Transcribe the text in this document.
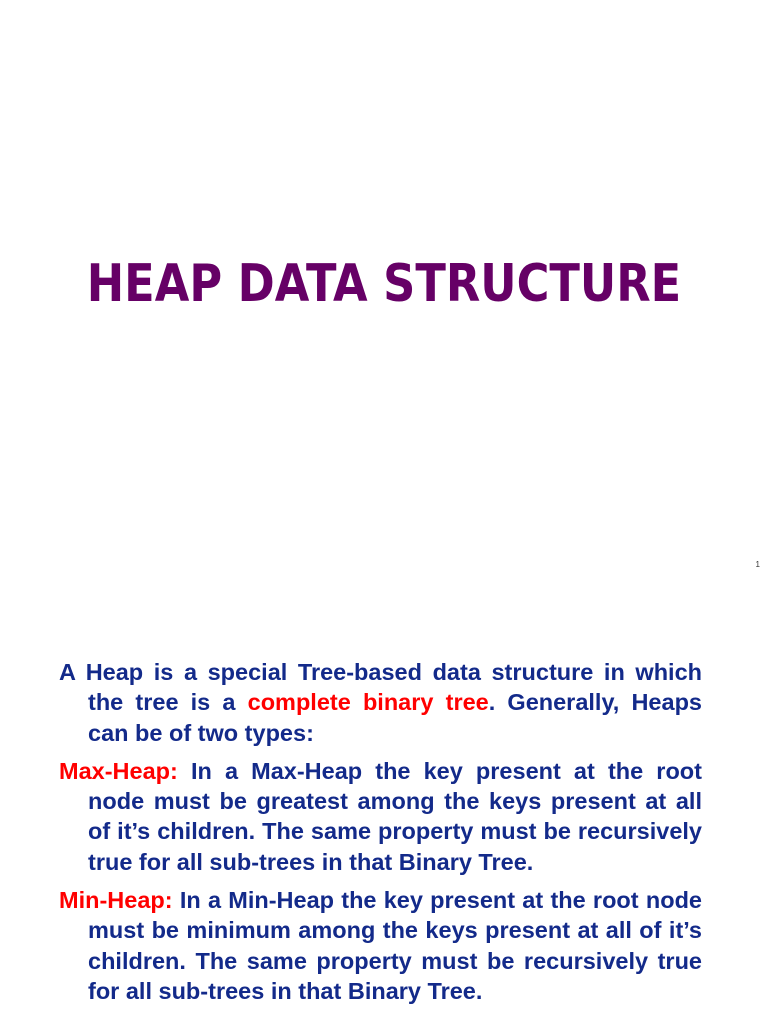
HEAP DATA STRUCTURE
1

A Heap is a special Tree-based data structure in which the tree is a complete binary tree. Generally, Heaps can be of two types:

Max-Heap: In a Max-Heap the key present at the root node must be greatest among the keys present at all of it’s children. The same property must be recursively true for all sub-trees in that Binary Tree.

Min-Heap: In a Min-Heap the key present at the root node must be minimum among the keys present at all of it’s children. The same property must be recursively true for all sub-trees in that Binary Tree.
